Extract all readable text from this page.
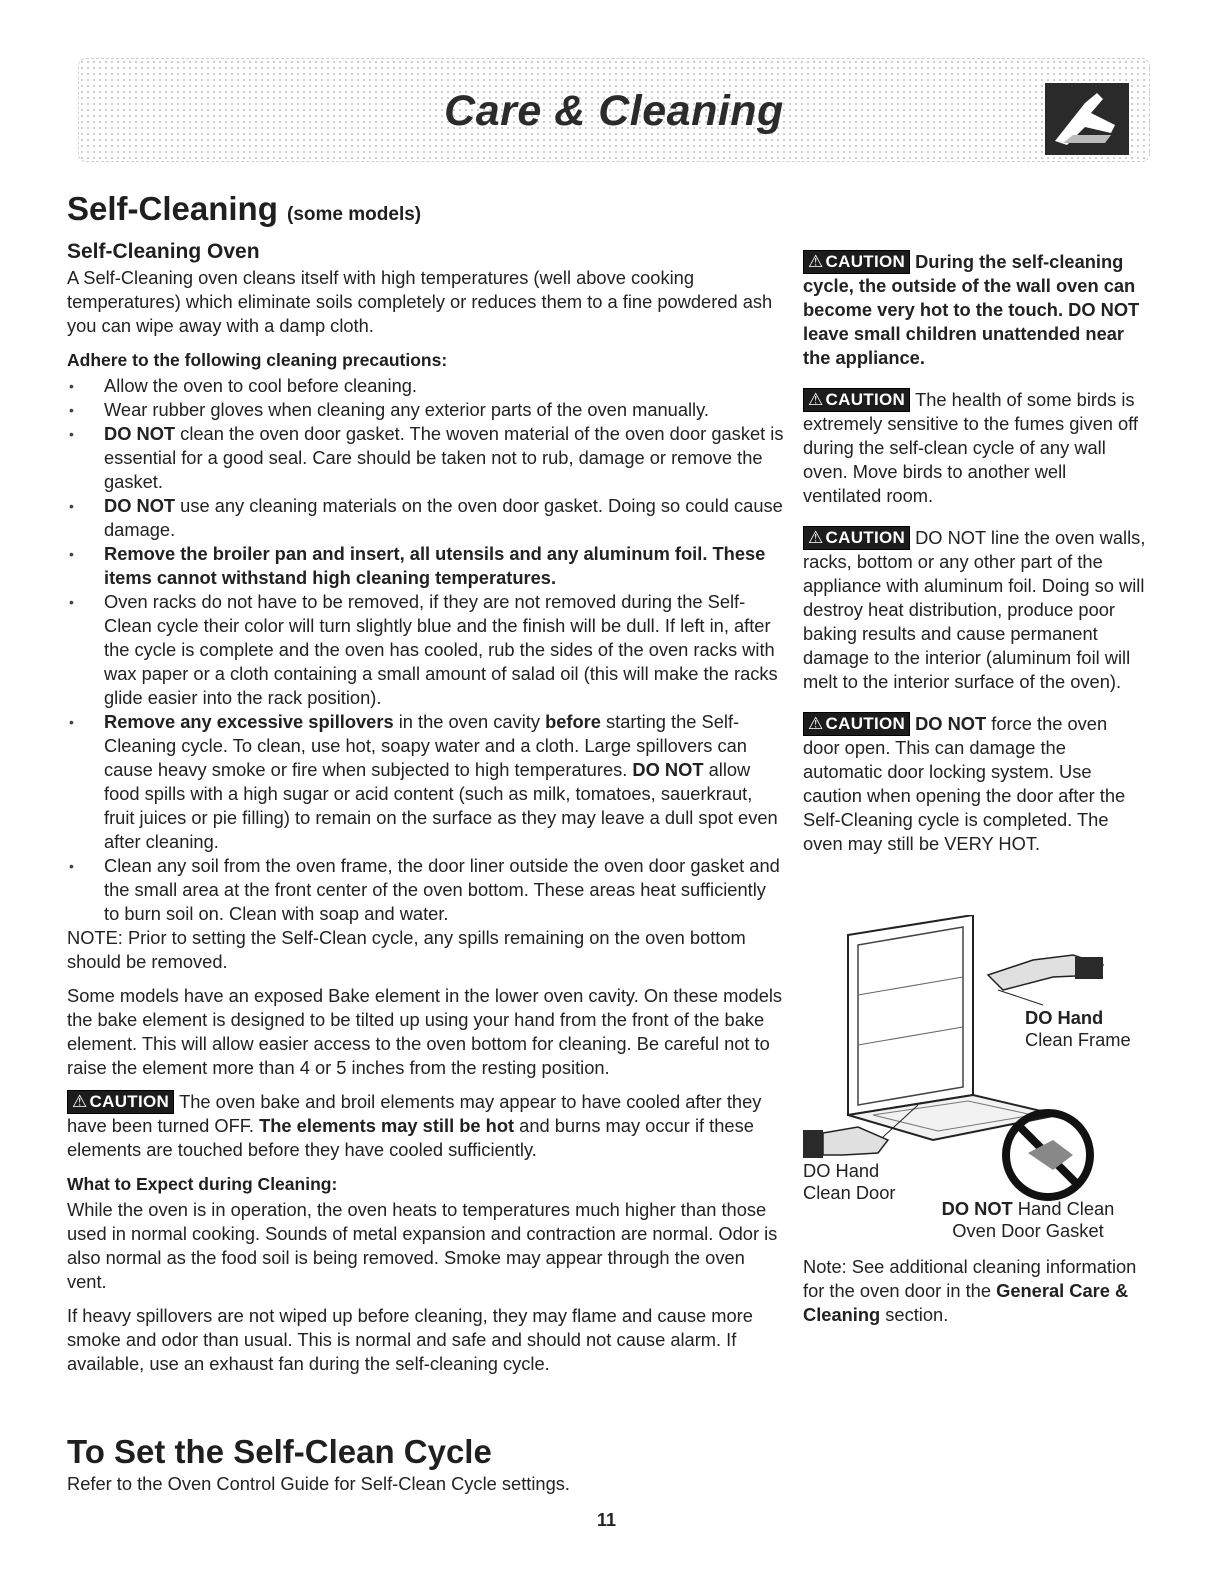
Care & Cleaning
Self-Cleaning (some models)
Self-Cleaning Oven

A Self-Cleaning oven cleans itself with high temperatures (well above cooking temperatures) which eliminate soils completely or reduces them to a fine powdered ash you can wipe away with a damp cloth.

Adhere to the following cleaning precautions:
• Allow the oven to cool before cleaning.
• Wear rubber gloves when cleaning any exterior parts of the oven manually.
• DO NOT clean the oven door gasket. The woven material of the oven door gasket is essential for a good seal. Care should be taken not to rub, damage or remove the gasket.
• DO NOT use any cleaning materials on the oven door gasket. Doing so could cause damage.
• Remove the broiler pan and insert, all utensils and any aluminum foil. These items cannot withstand high cleaning temperatures.
• Oven racks do not have to be removed, if they are not removed during the Self-Clean cycle their color will turn slightly blue and the finish will be dull. If left in, after the cycle is complete and the oven has cooled, rub the sides of the oven racks with wax paper or a cloth containing a small amount of salad oil (this will make the racks glide easier into the rack position).
• Remove any excessive spillovers in the oven cavity before starting the Self-Cleaning cycle. To clean, use hot, soapy water and a cloth. Large spillovers can cause heavy smoke or fire when subjected to high temperatures. DO NOT allow food spills with a high sugar or acid content (such as milk, tomatoes, sauerkraut, fruit juices or pie filling) to remain on the surface as they may leave a dull spot even after cleaning.
• Clean any soil from the oven frame, the door liner outside the oven door gasket and the small area at the front center of the oven bottom. These areas heat sufficiently to burn soil on. Clean with soap and water.

NOTE: Prior to setting the Self-Clean cycle, any spills remaining on the oven bottom should be removed.

Some models have an exposed Bake element in the lower oven cavity. On these models the bake element is designed to be tilted up using your hand from the front of the bake element. This will allow easier access to the oven bottom for cleaning. Be careful not to raise the element more than 4 or 5 inches from the resting position.

⚠ CAUTION The oven bake and broil elements may appear to have cooled after they have been turned OFF. The elements may still be hot and burns may occur if these elements are touched before they have cooled sufficiently.

What to Expect during Cleaning:

While the oven is in operation, the oven heats to temperatures much higher than those used in normal cooking. Sounds of metal expansion and contraction are normal. Odor is also normal as the food soil is being removed. Smoke may appear through the oven vent.

If heavy spillovers are not wiped up before cleaning, they may flame and cause more smoke and odor than usual. This is normal and safe and should not cause alarm. If available, use an exhaust fan during the self-cleaning cycle.

⚠ CAUTION During the self-cleaning cycle, the outside of the wall oven can become very hot to the touch. DO NOT leave small children unattended near the appliance.

⚠ CAUTION The health of some birds is extremely sensitive to the fumes given off during the self-clean cycle of any wall oven. Move birds to another well ventilated room.

⚠ CAUTION DO NOT line the oven walls, racks, bottom or any other part of the appliance with aluminum foil. Doing so will destroy heat distribution, produce poor baking results and cause permanent damage to the interior (aluminum foil will melt to the interior surface of the oven).

⚠ CAUTION DO NOT force the oven door open. This can damage the automatic door locking system. Use caution when opening the door after the Self-Cleaning cycle is completed. The oven may still be VERY HOT.

DO Hand
Clean Frame
DO Hand
Clean Door
DO NOT Hand Clean
Oven Door Gasket
Note: See additional cleaning information for the oven door in the General Care & Cleaning section.
To Set the Self-Clean Cycle
Refer to the Oven Control Guide for Self-Clean Cycle settings.
11
